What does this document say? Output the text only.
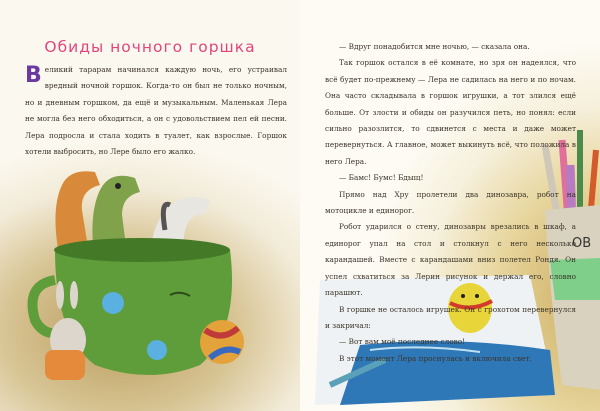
Обиды ночного горшка
Великий тарарам начинался каждую ночь, его устраивал вредный ночной горшок. Когда-то он был не только ночным, но и дневным горшком, да ещё и музыкальным. Маленькая Лера не могла без него обходиться, а он с удовольствием пел ей песни. Лера подросла и стала ходить в туалет, как взрослые. Горшок хотели выбросить, но Лере было его жалко.

— Вдруг понадобится мне ночью, — сказала она.

Так горшок остался в её комнате, но зря он надеялся, что всё будет по-прежнему — Лера не садилась на него и по ночам. Она часто складывала в горшок игрушки, а тот злился ещё больше. От злости и обиды он разучился петь, но понял: если сильно разозлится, то сдвинется с места и даже может перевернуться. А главное, может выкинуть всё, что положила в него Лера.

— Бамс! Бумс! Бдыщ!

Прямо над Хру пролетели два динозавра, робот на мотоцикле и единорог.

Робот ударился о стену, динозавры врезались в шкаф, а единорог упал на стол и столкнул с него несколько карандашей. Вместе с карандашами вниз полетел Рондя. Он успел схватиться за Лерин рисунок и держал его, словно парашют.

В горшке не осталось игрушек. Он с грохотом перевернулся и закричал:

— Вот вам моё последнее слово!

В этот момент Лера проснулась и включила свет.

OB
